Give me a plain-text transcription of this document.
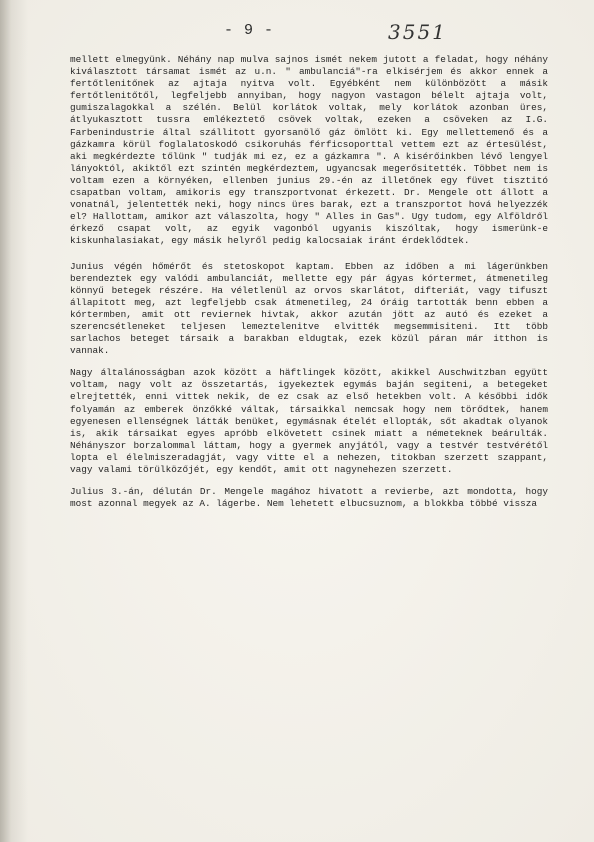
- 9 -	3551

mellett elmegyünk. Néhány nap mulva sajnos ismét nekem jutott a feladat, hogy néhány kiválasztott társamat ismét az u.n. " ambulanciá"-ra elkisérjem és akkor ennek a fertőtlenitőnek az ajtaja nyitva volt. Egyébként nem különbözött a másik fertőtlenitőtől, legfeljebb annyiban, hogy nagyon vastagon bélelt ajtaja volt, gumiszalagokkal a szélén. Belül korlátok voltak, mely korlátok azonban üres, átlyukasztott tussra emlékeztető csövek voltak, ezeken a csöveken az I.G. Farbenindustrie által szállitott gyorsanölő gáz ömlött ki. Egy mellettemenő és a gázkamra körül foglalatoskodó csikoruhás férficsoporttal vettem ezt az értesülést, aki megkérdezte tőlünk " tudják mi ez, ez a gázkamra ". A kisérőinkben lévő lengyel lányoktól, akiktől ezt szintén megkérdeztem, ugyancsak megerősitették. Többet nem is voltam ezen a környéken, ellenben junius 29.-én az illetőnek egy füvet tisztitó csapatban voltam, amikoris egy transzportvonat érkezett. Dr. Mengele ott állott a vonatnál, jelentették neki, hogy nincs üres barak, ezt a transzportot hová helyezzék el? Hallottam, amikor azt válaszolta, hogy " Alles in Gas". Ugy tudom, egy Alföldről érkező csapat volt, az egyik vagonból ugyanis kiszóltak, hogy ismerünk-e kiskunhalasiakat, egy másik helyről pedig kalocsaiak iránt érdeklődtek.

Junius végén hőmérőt és stetoskopot kaptam. Ebben az időben a mi lágerünkben berendeztek egy valódi ambulanciát, mellette egy pár ágyas kórtermet, átmenetileg könnyű betegek részére. Ha véletlenül az orvos skarlátot, difteriát, vagy tifuszt állapitott meg, azt legfeljebb csak átmenetileg, 24 óráig tartották benn ebben a kórtermben, amit ott reviernek hivtak, akkor azután jött az autó és ezeket a szerencsétleneket teljesen lemeztelenitve elvitték megsemmisiteni. Itt több sarlachos beteget társaik a barakban eldugtak, ezek közül páran már itthon is vannak.

Nagy általánosságban azok között a häftlingek között, akikkel Auschwitzban együtt voltam, nagy volt az összetartás, igyekeztek egymás baján segiteni, a betegeket elrejtették, enni vittek nekik, de ez csak az első hetekben volt. A későbbi idők folyamán az emberek önzőkké váltak, társaikkal nemcsak hogy nem törődtek, hanem egyenesen ellenségnek látták benüket, egymásnak ételét ellopták, sőt akadtak olyanok is, akik társaikat egyes apróbb elkövetett csinek miatt a németeknek beárulták. Néhányszor borzalommal láttam, hogy a gyermek anyjától, vagy a testvér testvérétől lopta el élelmiszeradagját, vagy vitte el a nehezen, titokban szerzett szappant, vagy valami törülközőjét, egy kendőt, amit ott nagynehezen szerzett.

Julius 3.-án, délután Dr. Mengele magához hivatott a revierbe, azt mondotta, hogy most azonnal megyek az A. lágerbe. Nem lehetett elbucsuznom, a blokkba többé vissza
